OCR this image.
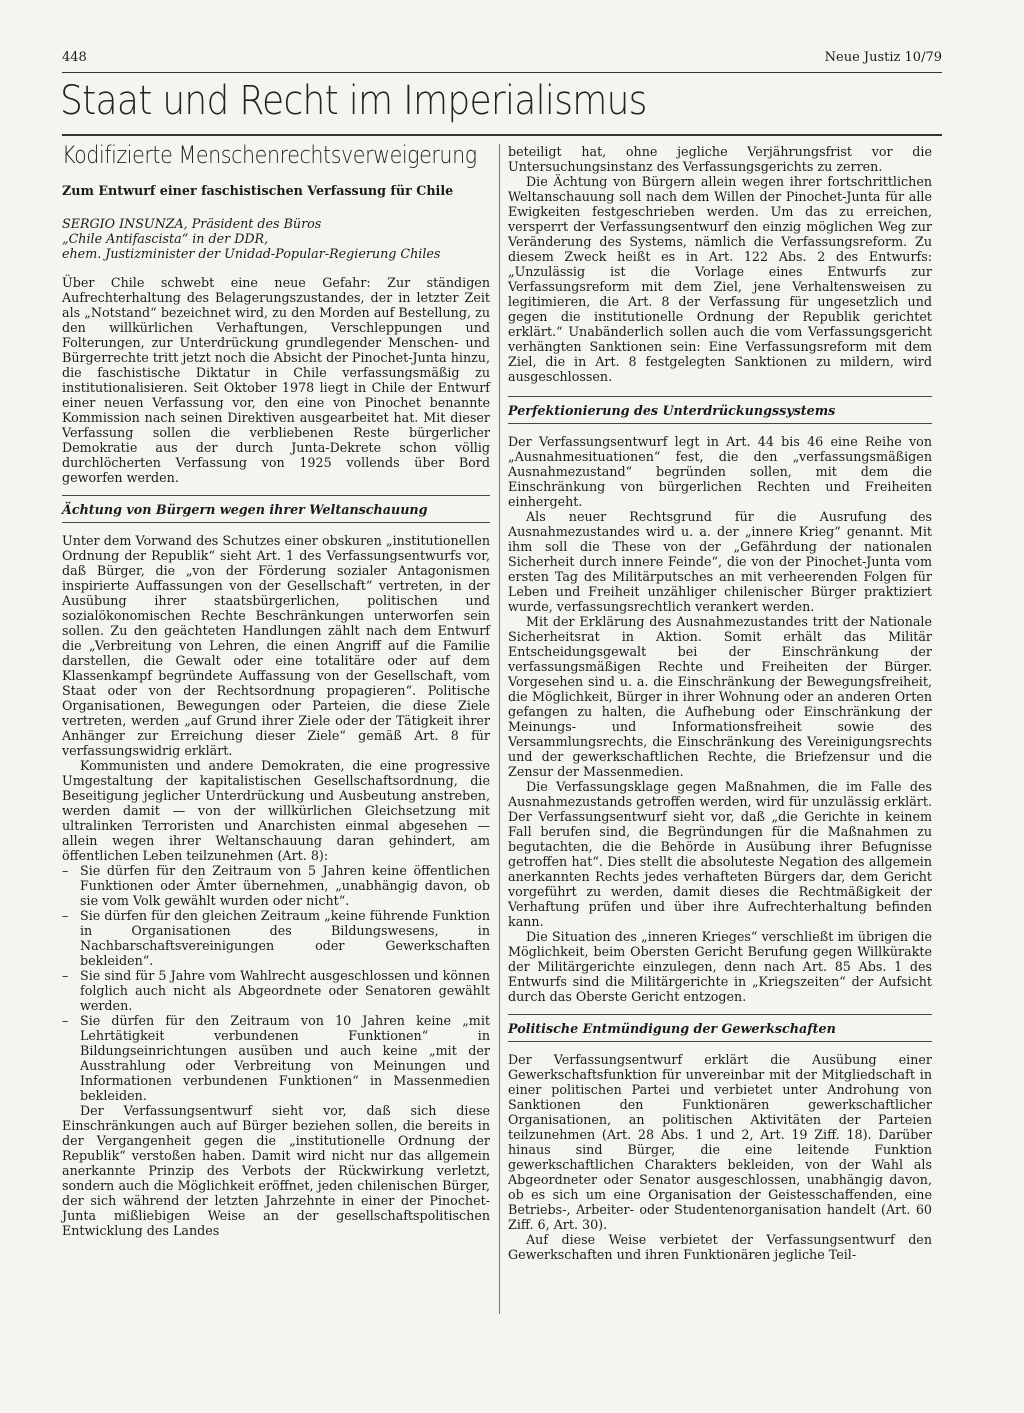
448	Neue Justiz 10/79
Staat und Recht im Imperialismus
Kodifizierte Menschenrechtsverweigerung
Zum Entwurf einer faschistischen Verfassung für Chile
SERGIO INSUNZA, Präsident des Büros
„Chile Antifascista“ in der DDR,
ehem. Justizminister der Unidad-Popular-Regierung Chiles

Über Chile schwebt eine neue Gefahr: Zur ständigen Aufrechterhaltung des Belagerungszustandes, der in letzter Zeit als „Notstand“ bezeichnet wird, zu den Morden auf Bestellung, zu den willkürlichen Verhaftungen, Verschleppungen und Folterungen, zur Unterdrückung grundlegender Menschen- und Bürgerrechte tritt jetzt noch die Absicht der Pinochet-Junta hinzu, die faschistische Diktatur in Chile verfassungsmäßig zu institutionalisieren. Seit Oktober 1978 liegt in Chile der Entwurf einer neuen Verfassung vor, den eine von Pinochet benannte Kommission nach seinen Direktiven ausgearbeitet hat. Mit dieser Verfassung sollen die verbliebenen Reste bürgerlicher Demokratie aus der durch Junta-Dekrete schon völlig durchlöcherten Verfassung von 1925 vollends über Bord geworfen werden.

Ächtung von Bürgern wegen ihrer Weltanschauung

Unter dem Vorwand des Schutzes einer obskuren „institutionellen Ordnung der Republik“ sieht Art. 1 des Verfassungsentwurfs vor, daß Bürger, die „von der Förderung sozialer Antagonismen inspirierte Auffassungen von der Gesellschaft“ vertreten, in der Ausübung ihrer staatsbürgerlichen, politischen und sozialökonomischen Rechte Beschränkungen unterworfen sein sollen. Zu den geächteten Handlungen zählt nach dem Entwurf die „Verbreitung von Lehren, die einen Angriff auf die Familie darstellen, die Gewalt oder eine totalitäre oder auf dem Klassenkampf begründete Auffassung von der Gesellschaft, vom Staat oder von der Rechtsordnung propagieren“. Politische Organisationen, Bewegungen oder Parteien, die diese Ziele vertreten, werden „auf Grund ihrer Ziele oder der Tätigkeit ihrer Anhänger zur Erreichung dieser Ziele“ gemäß Art. 8 für verfassungswidrig erklärt.

Kommunisten und andere Demokraten, die eine progressive Umgestaltung der kapitalistischen Gesellschaftsordnung, die Beseitigung jeglicher Unterdrückung und Ausbeutung anstreben, werden damit — von der willkürlichen Gleichsetzung mit ultralinken Terroristen und Anarchisten einmal abgesehen — allein wegen ihrer Weltanschauung daran gehindert, am öffentlichen Leben teilzunehmen (Art. 8):

– Sie dürfen für den Zeitraum von 5 Jahren keine öffentlichen Funktionen oder Ämter übernehmen, „unabhängig davon, ob sie vom Volk gewählt wurden oder nicht“.
– Sie dürfen für den gleichen Zeitraum „keine führende Funktion in Organisationen des Bildungswesens, in Nachbarschaftsvereinigungen oder Gewerkschaften bekleiden“.
– Sie sind für 5 Jahre vom Wahlrecht ausgeschlossen und können folglich auch nicht als Abgeordnete oder Senatoren gewählt werden.
– Sie dürfen für den Zeitraum von 10 Jahren keine „mit Lehrtätigkeit verbundenen Funktionen“ in Bildungseinrichtungen ausüben und auch keine „mit der Ausstrahlung oder Verbreitung von Meinungen und Informationen verbundenen Funktionen“ in Massenmedien bekleiden.

Der Verfassungsentwurf sieht vor, daß sich diese Einschränkungen auch auf Bürger beziehen sollen, die bereits in der Vergangenheit gegen die „institutionelle Ordnung der Republik“ verstoßen haben. Damit wird nicht nur das allgemein anerkannte Prinzip des Verbots der Rückwirkung verletzt, sondern auch die Möglichkeit eröffnet, jeden chilenischen Bürger, der sich während der letzten Jahrzehnte in einer der Pinochet-Junta mißliebigen Weise an der gesellschaftspolitischen Entwicklung des Landes

beteiligt hat, ohne jegliche Verjährungsfrist vor die Untersuchungsinstanz des Verfassungsgerichts zu zerren.

Die Ächtung von Bürgern allein wegen ihrer fortschrittlichen Weltanschauung soll nach dem Willen der Pinochet-Junta für alle Ewigkeiten festgeschrieben werden. Um das zu erreichen, versperrt der Verfassungsentwurf den einzig möglichen Weg zur Veränderung des Systems, nämlich die Verfassungsreform. Zu diesem Zweck heißt es in Art. 122 Abs. 2 des Entwurfs: „Unzulässig ist die Vorlage eines Entwurfs zur Verfassungsreform mit dem Ziel, jene Verhaltensweisen zu legitimieren, die Art. 8 der Verfassung für ungesetzlich und gegen die institutionelle Ordnung der Republik gerichtet erklärt.“ Unabänderlich sollen auch die vom Verfassungsgericht verhängten Sanktionen sein: Eine Verfassungsreform mit dem Ziel, die in Art. 8 festgelegten Sanktionen zu mildern, wird ausgeschlossen.

Perfektionierung des Unterdrückungssystems

Der Verfassungsentwurf legt in Art. 44 bis 46 eine Reihe von „Ausnahmesituationen“ fest, die den „verfassungsmäßigen Ausnahmezustand“ begründen sollen, mit dem die Einschränkung von bürgerlichen Rechten und Freiheiten einhergeht.

Als neuer Rechtsgrund für die Ausrufung des Ausnahmezustandes wird u. a. der „innere Krieg“ genannt. Mit ihm soll die These von der „Gefährdung der nationalen Sicherheit durch innere Feinde“, die von der Pinochet-Junta vom ersten Tag des Militärputsches an mit verheerenden Folgen für Leben und Freiheit unzähliger chilenischer Bürger praktiziert wurde, verfassungsrechtlich verankert werden.

Mit der Erklärung des Ausnahmezustandes tritt der Nationale Sicherheitsrat in Aktion. Somit erhält das Militär Entscheidungsgewalt bei der Einschränkung der verfassungsmäßigen Rechte und Freiheiten der Bürger. Vorgesehen sind u. a. die Einschränkung der Bewegungsfreiheit, die Möglichkeit, Bürger in ihrer Wohnung oder an anderen Orten gefangen zu halten, die Aufhebung oder Einschränkung der Meinungs- und Informationsfreiheit sowie des Versammlungsrechts, die Einschränkung des Vereinigungsrechts und der gewerkschaftlichen Rechte, die Briefzensur und die Zensur der Massenmedien.

Die Verfassungsklage gegen Maßnahmen, die im Falle des Ausnahmezustands getroffen werden, wird für unzulässig erklärt. Der Verfassungsentwurf sieht vor, daß „die Gerichte in keinem Fall berufen sind, die Begründungen für die Maßnahmen zu begutachten, die die Behörde in Ausübung ihrer Befugnisse getroffen hat“. Dies stellt die absoluteste Negation des allgemein anerkannten Rechts jedes verhafteten Bürgers dar, dem Gericht vorgeführt zu werden, damit dieses die Rechtmäßigkeit der Verhaftung prüfen und über ihre Aufrechterhaltung befinden kann.

Die Situation des „inneren Krieges“ verschließt im übrigen die Möglichkeit, beim Obersten Gericht Berufung gegen Willkürakte der Militärgerichte einzulegen, denn nach Art. 85 Abs. 1 des Entwurfs sind die Militärgerichte in „Kriegszeiten“ der Aufsicht durch das Oberste Gericht entzogen.

Politische Entmündigung der Gewerkschaften

Der Verfassungsentwurf erklärt die Ausübung einer Gewerkschaftsfunktion für unvereinbar mit der Mitgliedschaft in einer politischen Partei und verbietet unter Androhung von Sanktionen den Funktionären gewerkschaftlicher Organisationen, an politischen Aktivitäten der Parteien teilzunehmen (Art. 28 Abs. 1 und 2, Art. 19 Ziff. 18). Darüber hinaus sind Bürger, die eine leitende Funktion gewerkschaftlichen Charakters bekleiden, von der Wahl als Abgeordneter oder Senator ausgeschlossen, unabhängig davon, ob es sich um eine Organisation der Geistesschaffenden, eine Betriebs-, Arbeiter- oder Studentenorganisation handelt (Art. 60 Ziff. 6, Art. 30).

Auf diese Weise verbietet der Verfassungsentwurf den Gewerkschaften und ihren Funktionären jegliche Teil-
